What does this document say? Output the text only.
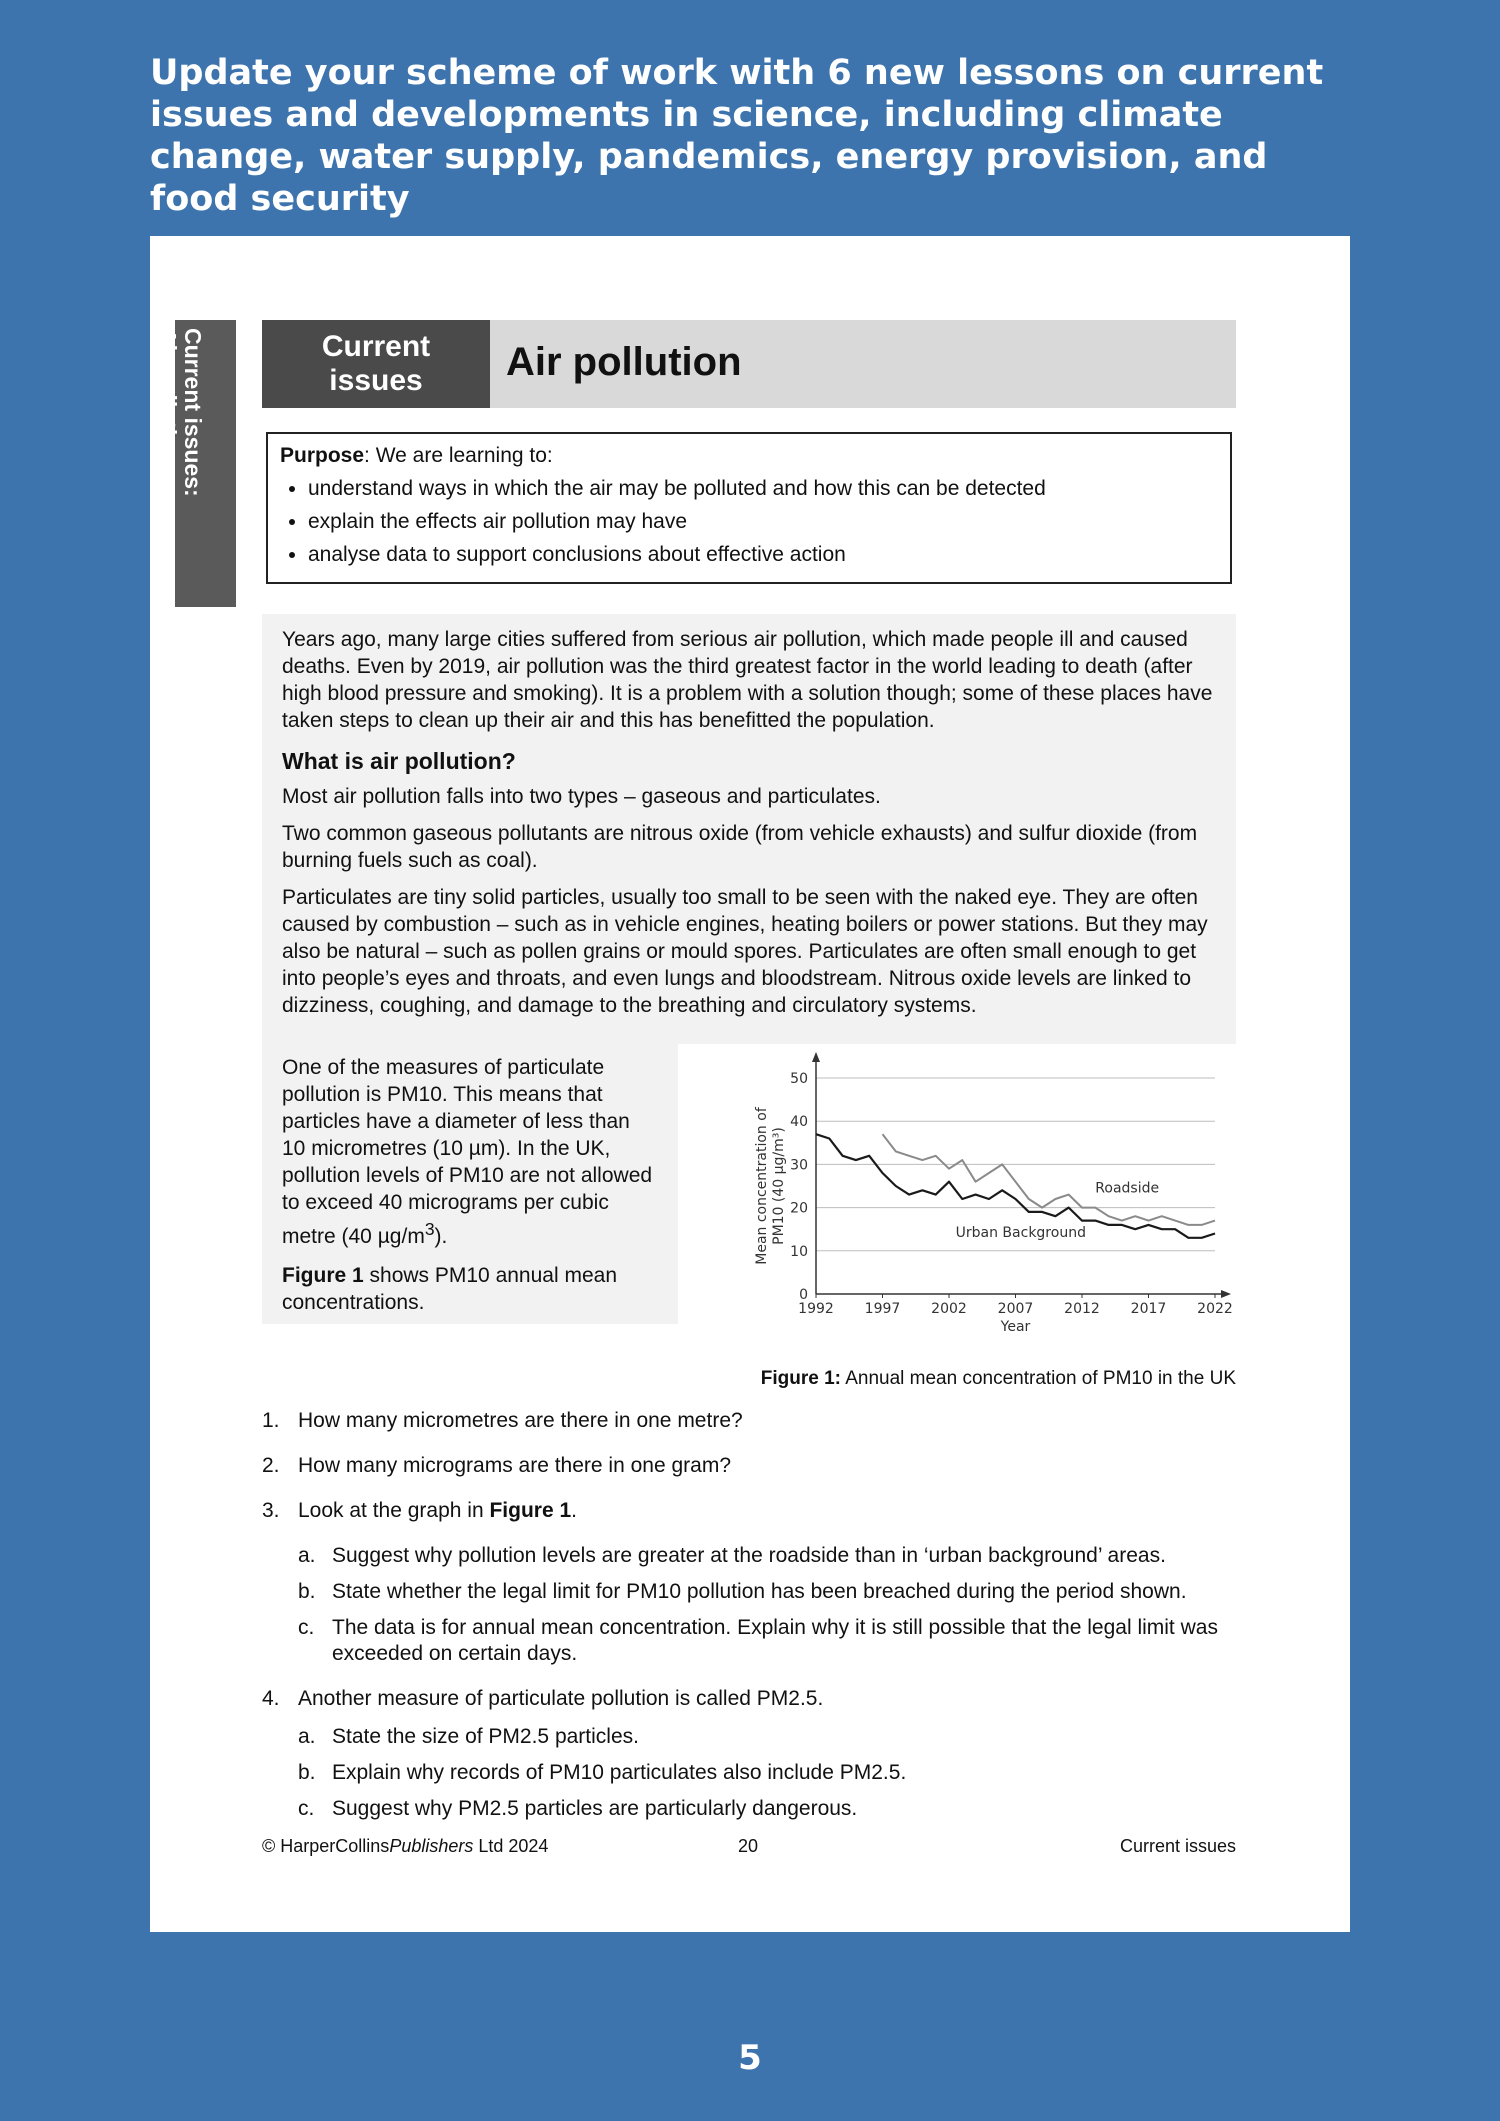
Update your scheme of work with 6 new lessons on current issues and developments in science, including climate change, water supply, pandemics, energy provision, and food security
Current issues:
Air pollution	Current issues	Air pollution

Purpose: We are learning to:

• understand ways in which the air may be polluted and how this can be detected
• explain the effects air pollution may have
• analyse data to support conclusions about effective action

Years ago, many large cities suffered from serious air pollution, which made people ill and caused deaths. Even by 2019, air pollution was the third greatest factor in the world leading to death (after high blood pressure and smoking). It is a problem with a solution though; some of these places have taken steps to clean up their air and this has benefitted the population.

What is air pollution?

Most air pollution falls into two types – gaseous and particulates.

Two common gaseous pollutants are nitrous oxide (from vehicle exhausts) and sulfur dioxide (from burning fuels such as coal).

Particulates are tiny solid particles, usually too small to be seen with the naked eye. They are often caused by combustion – such as in vehicle engines, heating boilers or power stations. But they may also be natural – such as pollen grains or mould spores. Particulates are often small enough to get into people’s eyes and throats, and even lungs and bloodstream. Nitrous oxide levels are linked to dizziness, coughing, and damage to the breathing and circulatory systems.

One of the measures of particulate pollution is PM10. This means that particles have a diameter of less than 10 micrometres (10 µm). In the UK, pollution levels of PM10 are not allowed to exceed 40 micrograms per cubic metre (40 $\mu g/m^3$).

Figure 1 shows PM10 annual mean concentrations.	0
10
20
30
40
50
1992 1997 2002 2007 2012 2017 2022
Roadside
Urban Background
Year
Mean concentration of PM10 (40 µg/m³)
Figure 1: Annual mean concentration of PM10 in the UK
1. How many micrometres are there in one metre?
2. How many micrograms are there in one gram?
3. Look at the graph in Figure 1.
a. Suggest why pollution levels are greater at the roadside than in ‘urban background’ areas.
b. State whether the legal limit for PM10 pollution has been breached during the period shown.
c. The data is for annual mean concentration. Explain why it is still possible that the legal limit was exceeded on certain days.
4. Another measure of particulate pollution is called PM2.5.
a. State the size of PM2.5 particles.
b. Explain why records of PM10 particulates also include PM2.5.
c. Suggest why PM2.5 particles are particularly dangerous.
© HarperCollinsPublishers Ltd 2024	20	Current issues
5
